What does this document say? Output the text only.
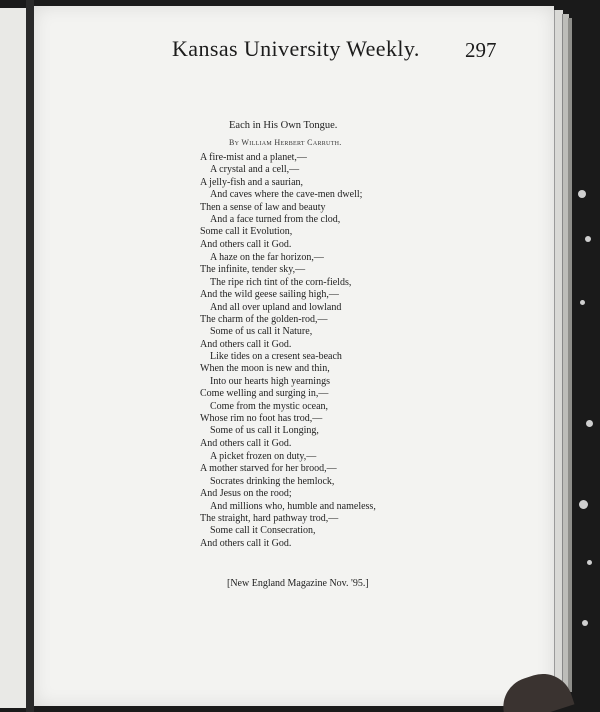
Kansas University Weekly. 297
Each in His Own Tongue.
By William Herbert Carruth.
A fire-mist and a planet,—
A crystal and a cell,—
A jelly-fish and a saurian,
And caves where the cave-men dwell;
Then a sense of law and beauty
And a face turned from the clod,
Some call it Evolution,
And others call it God.
A haze on the far horizon,—
The infinite, tender sky,—
The ripe rich tint of the corn-fields,
And the wild geese sailing high,—
And all over upland and lowland
The charm of the golden-rod,—
Some of us call it Nature,
And others call it God.
Like tides on a cresent sea-beach
When the moon is new and thin,
Into our hearts high yearnings
Come welling and surging in,—
Come from the mystic ocean,
Whose rim no foot has trod,—
Some of us call it Longing,
And others call it God.
A picket frozen on duty,—
A mother starved for her brood,—
Socrates drinking the hemlock,
And Jesus on the rood;
And millions who, humble and nameless,
The straight, hard pathway trod,—
Some call it Consecration,
And others call it God.
[New England Magazine Nov. '95.]
